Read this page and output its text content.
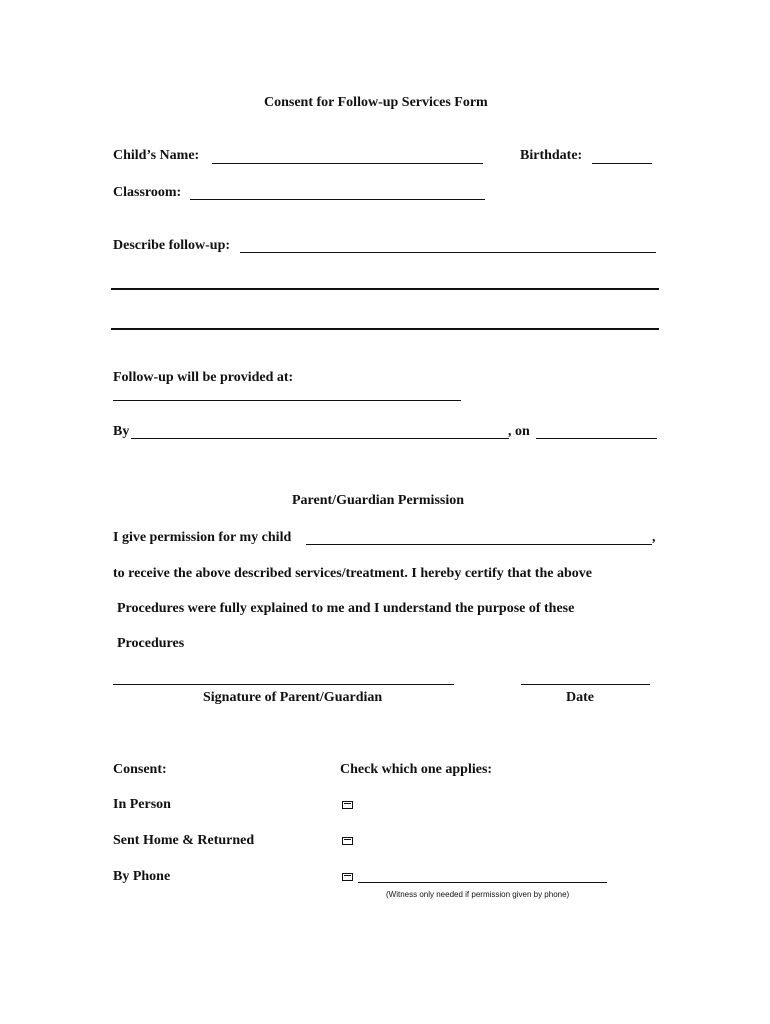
Consent for Follow-up Services Form
Child’s Name:	Birthdate:
Classroom:
Describe follow-up:
Follow-up will be provided at:
By	, on
Parent/Guardian Permission
I give permission for my child	,
to receive the above described services/treatment. I hereby certify that the above
Procedures were fully explained to me and I understand the purpose of these
Procedures
Signature of Parent/Guardian	Date
Consent:	Check which one applies:
In Person
Sent Home & Returned
By Phone
(Witness only needed if permission given by phone)
